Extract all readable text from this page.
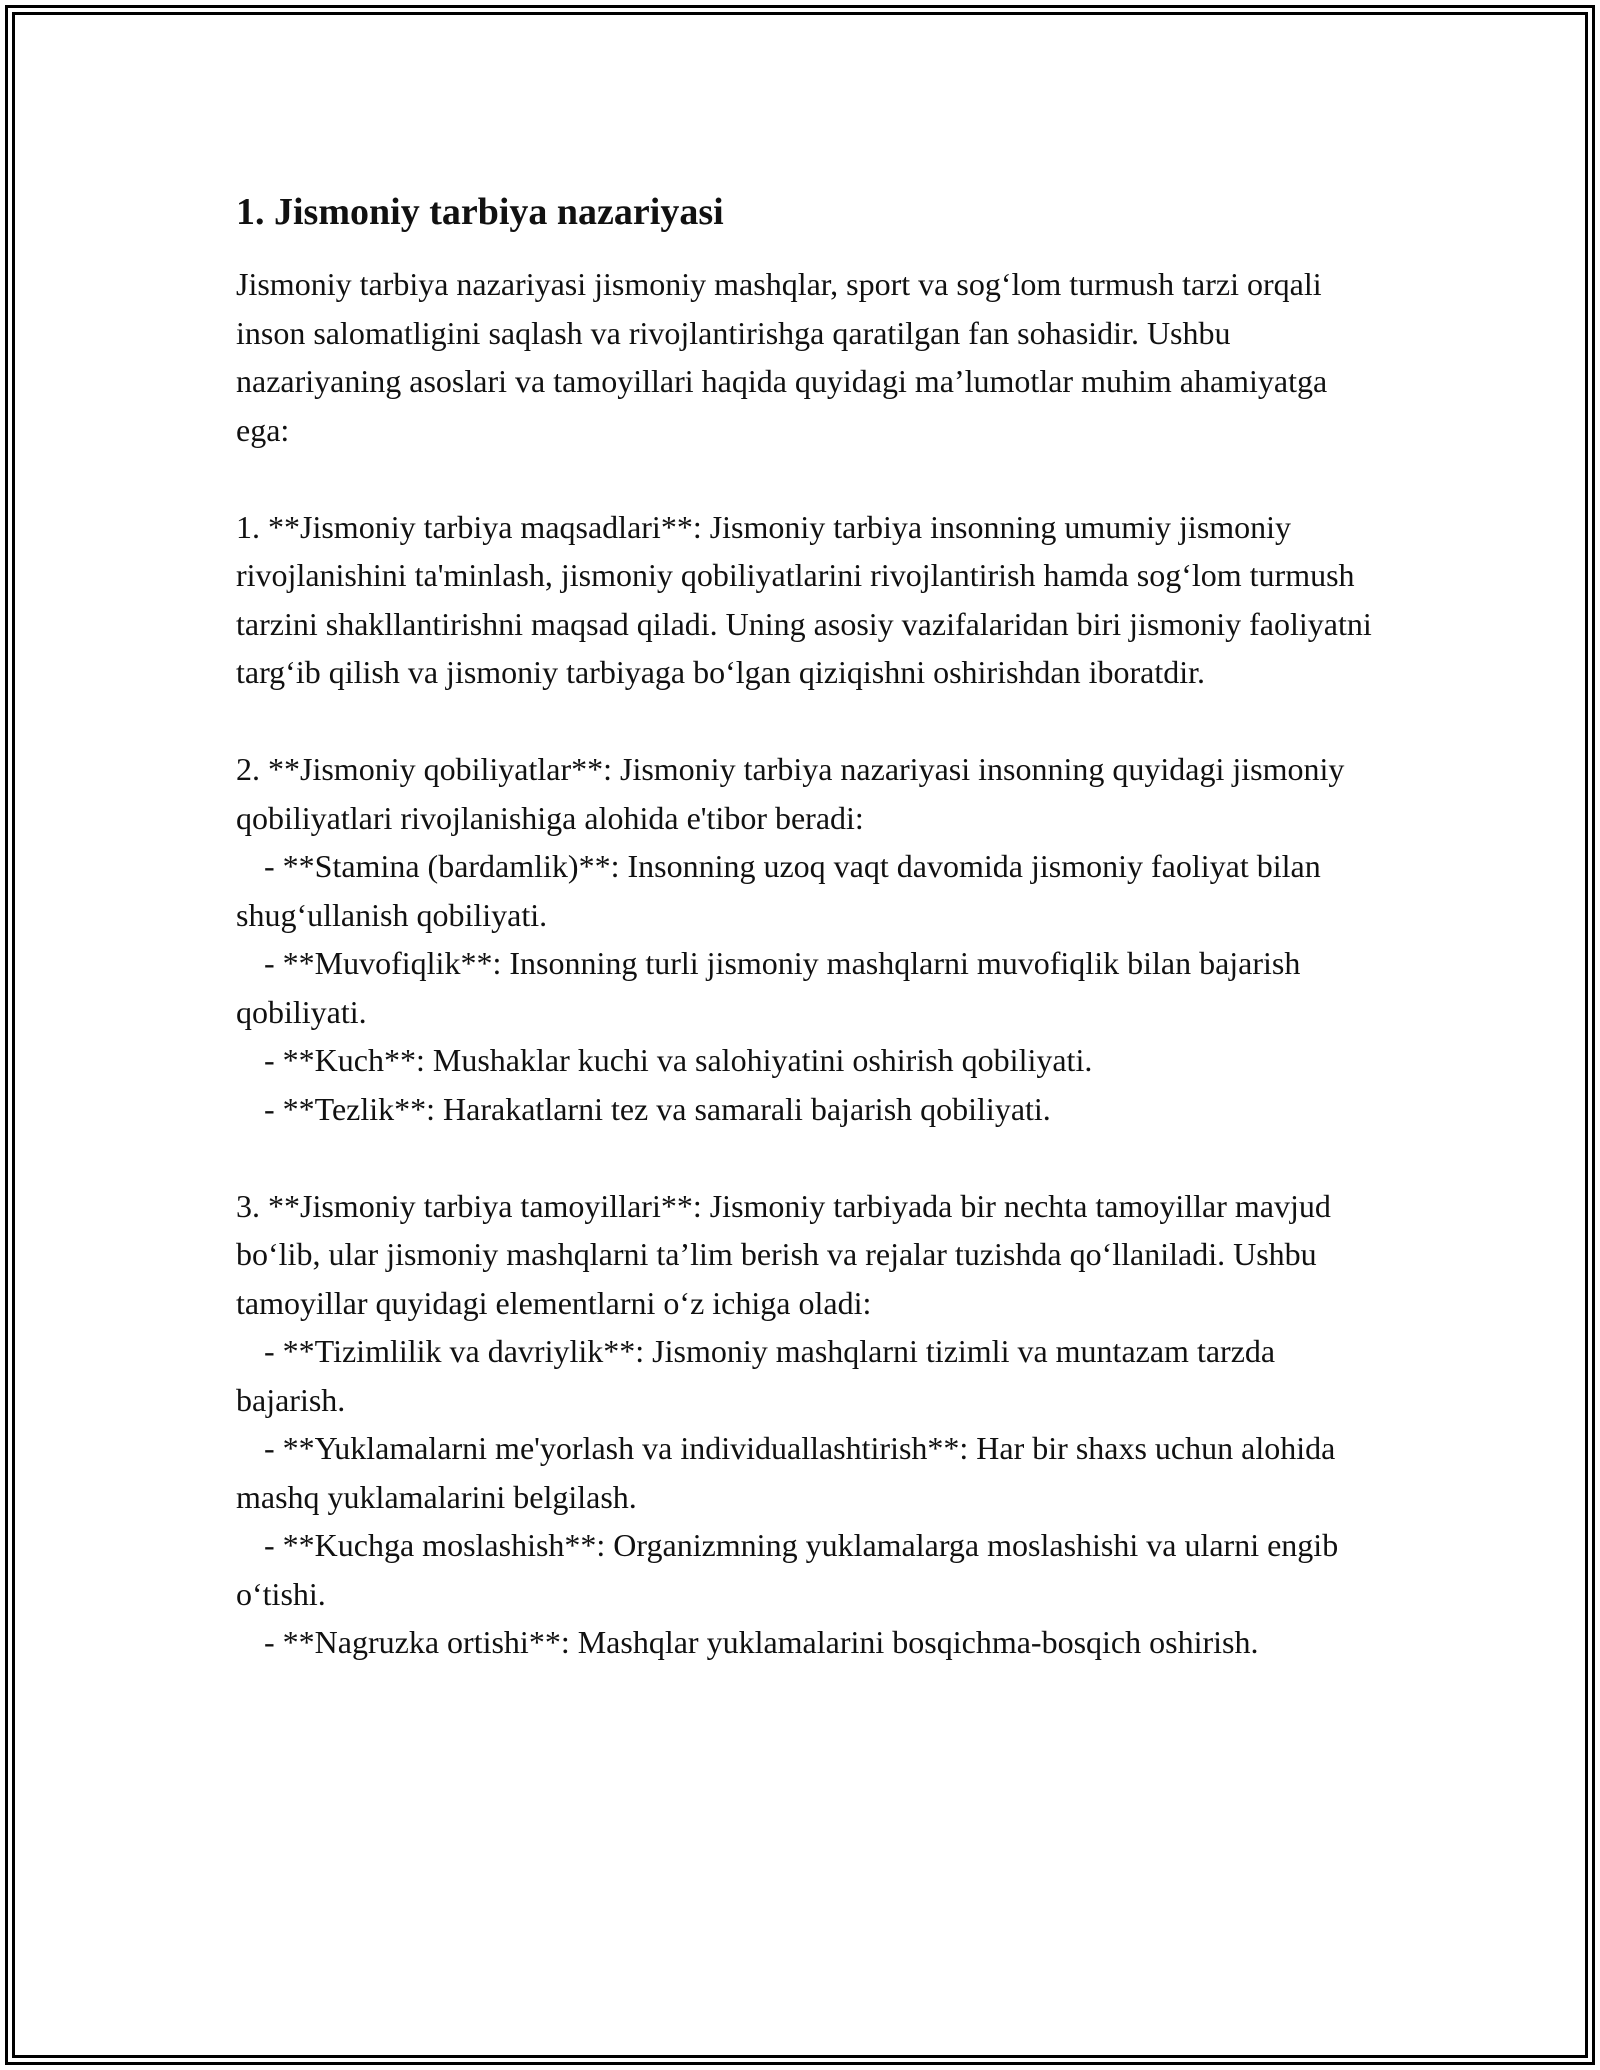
1. Jismoniy tarbiya nazariyasi

Jismoniy tarbiya nazariyasi jismoniy mashqlar, sport va sog‘lom turmush tarzi orqali inson salomatligini saqlash va rivojlantirishga qaratilgan fan sohasidir. Ushbu nazariyaning asoslari va tamoyillari haqida quyidagi ma’lumotlar muhim ahamiyatga ega:

1. **Jismoniy tarbiya maqsadlari**: Jismoniy tarbiya insonning umumiy jismoniy rivojlanishini ta'minlash, jismoniy qobiliyatlarini rivojlantirish hamda sog‘lom turmush tarzini shakllantirishni maqsad qiladi. Uning asosiy vazifalaridan biri jismoniy faoliyatni targ‘ib qilish va jismoniy tarbiyaga bo‘lgan qiziqishni oshirishdan iboratdir.

2. **Jismoniy qobiliyatlar**: Jismoniy tarbiya nazariyasi insonning quyidagi jismoniy qobiliyatlari rivojlanishiga alohida e'tibor beradi:

- **Stamina (bardamlik)**: Insonning uzoq vaqt davomida jismoniy faoliyat bilan shug‘ullanish qobiliyati.

- **Muvofiqlik**: Insonning turli jismoniy mashqlarni muvofiqlik bilan bajarish qobiliyati.

- **Kuch**: Mushaklar kuchi va salohiyatini oshirish qobiliyati.

- **Tezlik**: Harakatlarni tez va samarali bajarish qobiliyati.

3. **Jismoniy tarbiya tamoyillari**: Jismoniy tarbiyada bir nechta tamoyillar mavjud bo‘lib, ular jismoniy mashqlarni ta’lim berish va rejalar tuzishda qo‘llaniladi. Ushbu tamoyillar quyidagi elementlarni o‘z ichiga oladi:

- **Tizimlilik va davriylik**: Jismoniy mashqlarni tizimli va muntazam tarzda bajarish.

- **Yuklamalarni me'yorlash va individuallashtirish**: Har bir shaxs uchun alohida mashq yuklamalarini belgilash.

- **Kuchga moslashish**: Organizmning yuklamalarga moslashishi va ularni engib o‘tishi.

- **Nagruzka ortishi**: Mashqlar yuklamalarini bosqichma-bosqich oshirish.
